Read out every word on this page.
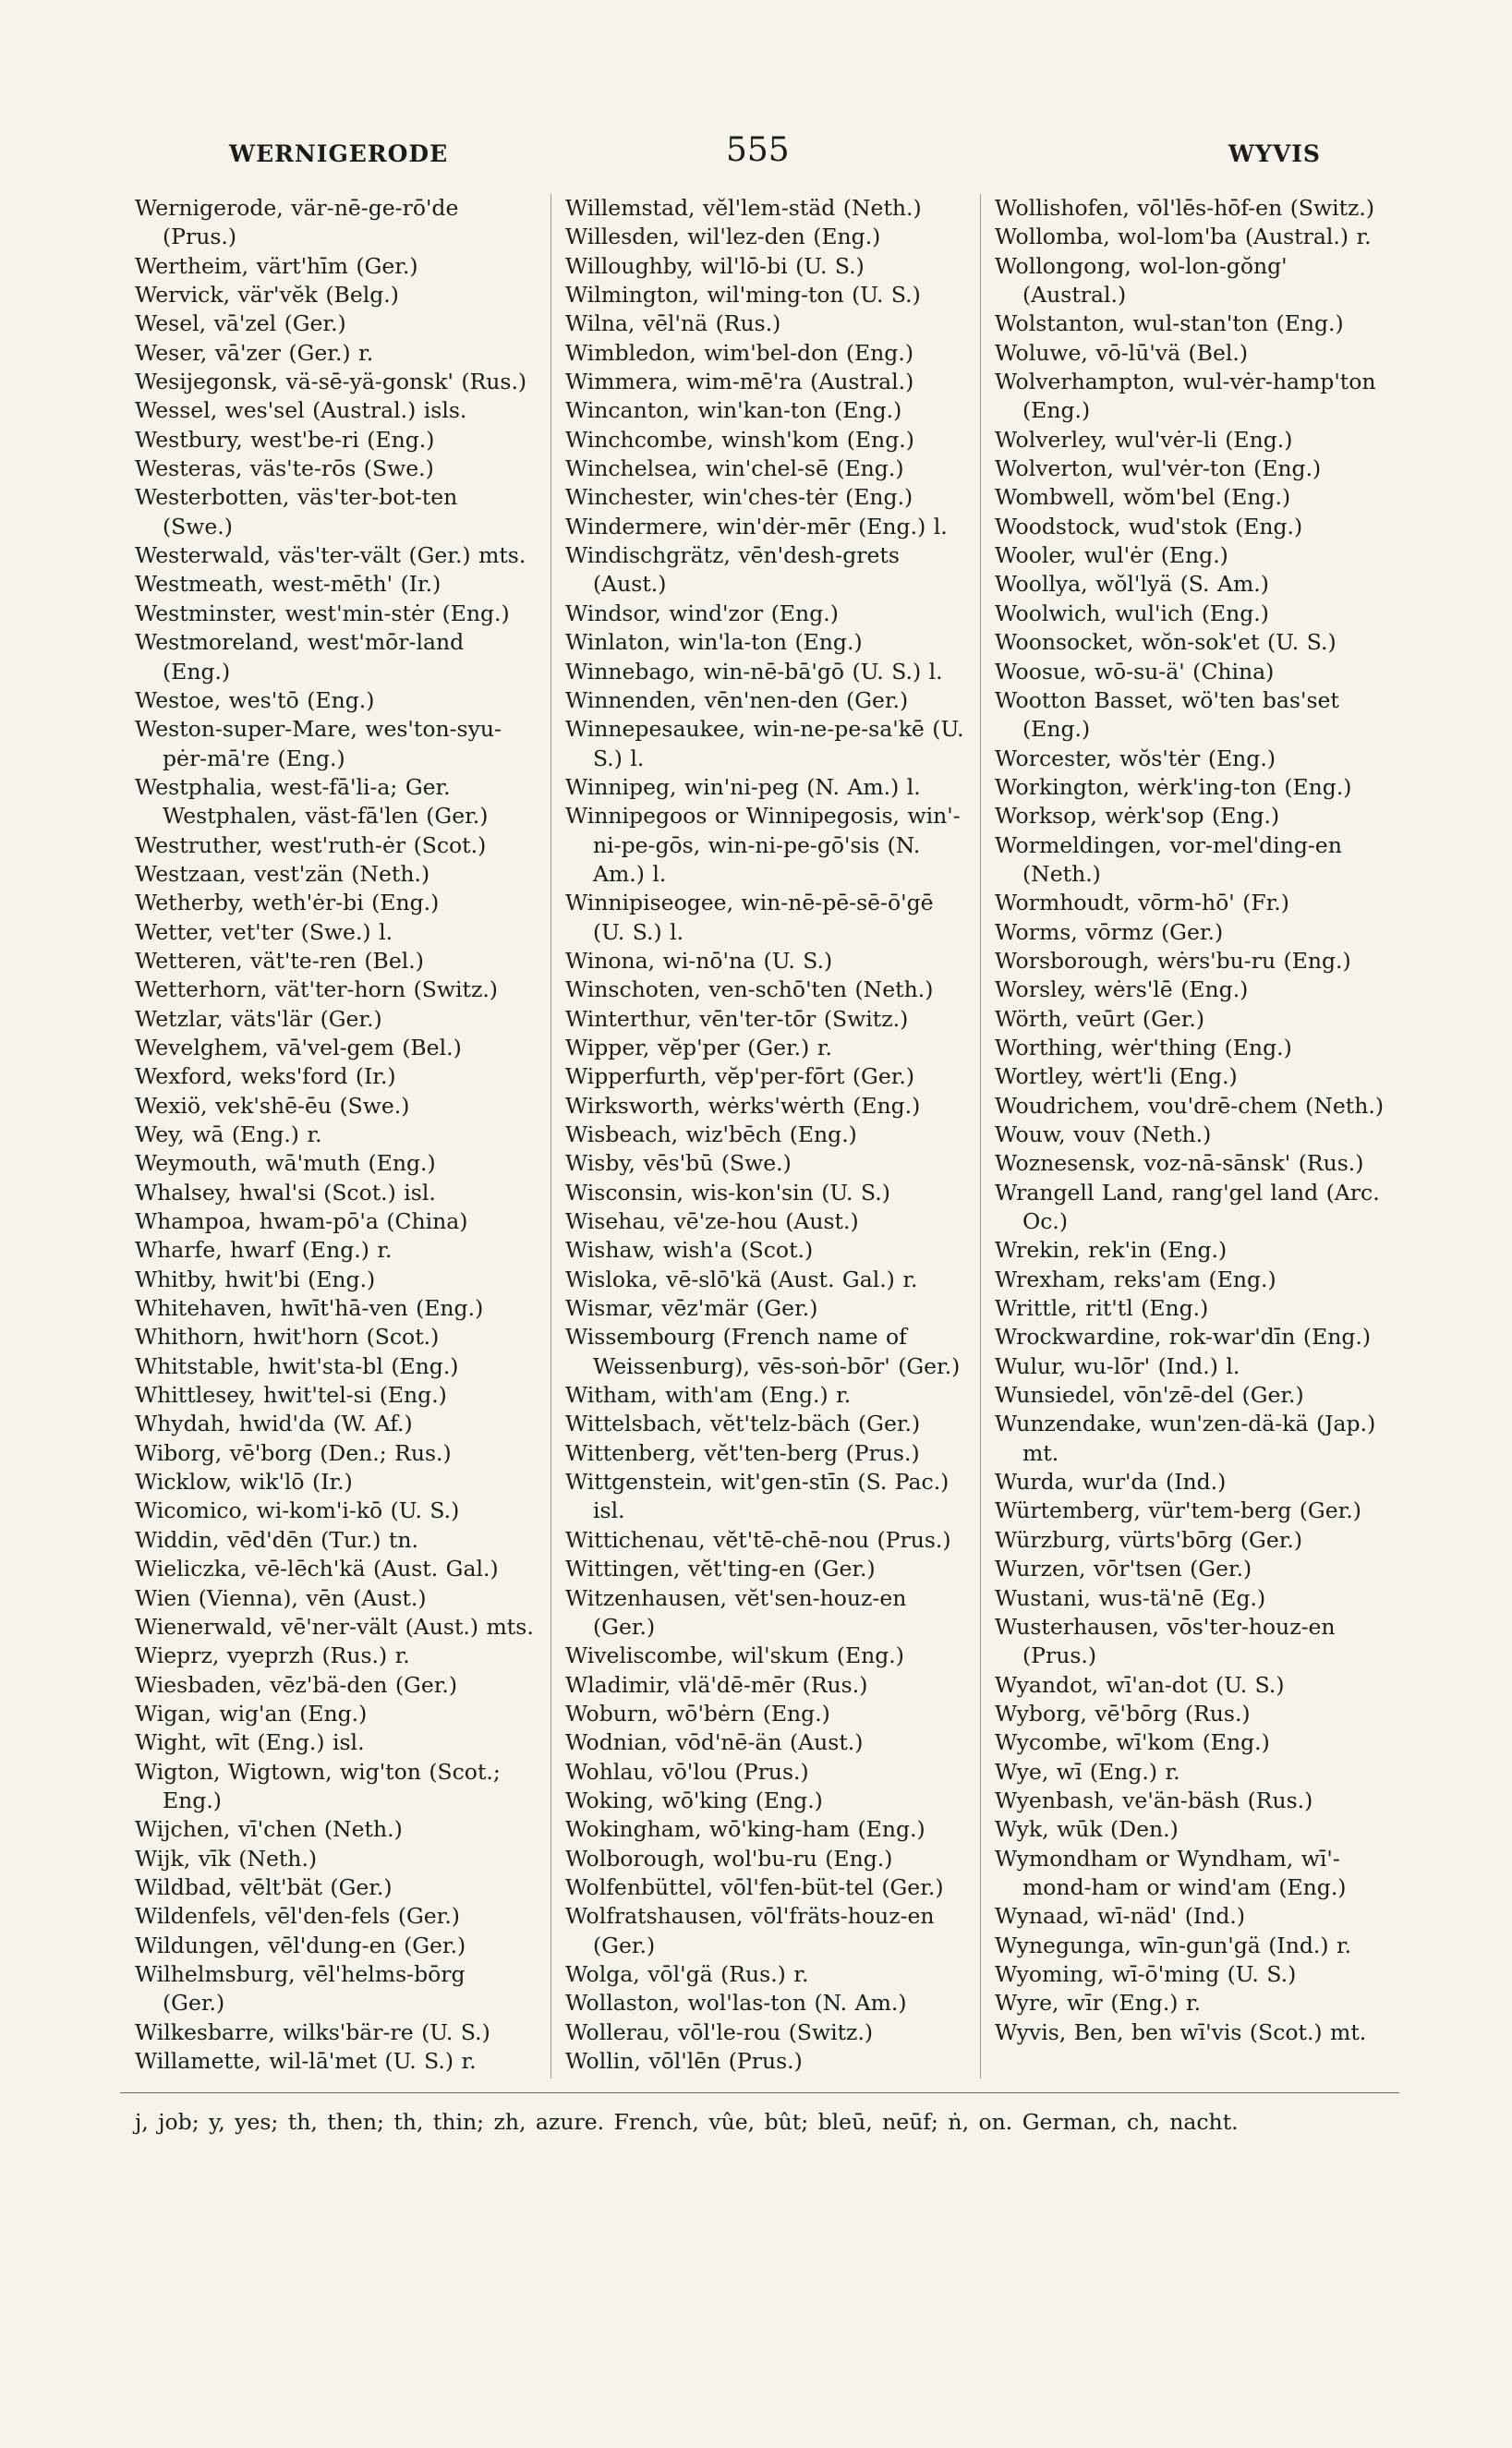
WERNIGERODE	555	WYVIS

Wernigerode, vär-nē-ge-rō'de (Prus.)

Wertheim, värt'hīm (Ger.)

Wervick, vär'vĕk (Belg.)

Wesel, vā'zel (Ger.)

Weser, vā'zer (Ger.) r.

Wesijegonsk, vä-sē-yä-gonsk' (Rus.)

Wessel, wes'sel (Austral.) isls.

Westbury, west'be-ri (Eng.)

Westeras, väs'te-rōs (Swe.)

Westerbotten, väs'ter-bot-ten (Swe.)

Westerwald, väs'ter-vält (Ger.) mts.

Westmeath, west-mēth' (Ir.)

Westminster, west'min-stėr (Eng.)

Westmoreland, west'mōr-land (Eng.)

Westoe, wes'tō (Eng.)

Weston-super-Mare, wes'ton-syu-pėr-mā're (Eng.)

Westphalia, west-fā'li-a; Ger. Westphalen, väst-fā'len (Ger.)

Westruther, west'ruth-ėr (Scot.)

Westzaan, vest'zän (Neth.)

Wetherby, weth'ėr-bi (Eng.)

Wetter, vet'ter (Swe.) l.

Wetteren, vät'te-ren (Bel.)

Wetterhorn, vät'ter-horn (Switz.)

Wetzlar, väts'lär (Ger.)

Wevelghem, vā'vel-gem (Bel.)

Wexford, weks'ford (Ir.)

Wexiö, vek'shē-ēu (Swe.)

Wey, wā (Eng.) r.

Weymouth, wā'muth (Eng.)

Whalsey, hwal'si (Scot.) isl.

Whampoa, hwam-pō'a (China)

Wharfe, hwarf (Eng.) r.

Whitby, hwit'bi (Eng.)

Whitehaven, hwīt'hā-ven (Eng.)

Whithorn, hwit'horn (Scot.)

Whitstable, hwit'sta-bl (Eng.)

Whittlesey, hwit'tel-si (Eng.)

Whydah, hwid'da (W. Af.)

Wiborg, vē'borg (Den.; Rus.)

Wicklow, wik'lō (Ir.)

Wicomico, wi-kom'i-kō (U. S.)

Widdin, vēd'dēn (Tur.) tn.

Wieliczka, vē-lēch'kä (Aust. Gal.)

Wien (Vienna), vēn (Aust.)

Wienerwald, vē'ner-vält (Aust.) mts.

Wieprz, vyeprzh (Rus.) r.

Wiesbaden, vēz'bä-den (Ger.)

Wigan, wig'an (Eng.)

Wight, wīt (Eng.) isl.

Wigton, Wigtown, wig'ton (Scot.; Eng.)

Wijchen, vī'chen (Neth.)

Wijk, vīk (Neth.)

Wildbad, vēlt'bät (Ger.)

Wildenfels, vēl'den-fels (Ger.)

Wildungen, vēl'dung-en (Ger.)

Wilhelmsburg, vēl'helms-bōrg (Ger.)

Wilkesbarre, wilks'bär-re (U. S.)

Willamette, wil-lā'met (U. S.) r.

Willemstad, vĕl'lem-städ (Neth.)

Willesden, wil'lez-den (Eng.)

Willoughby, wil'lō-bi (U. S.)

Wilmington, wil'ming-ton (U. S.)

Wilna, vēl'nä (Rus.)

Wimbledon, wim'bel-don (Eng.)

Wimmera, wim-mē'ra (Austral.)

Wincanton, win'kan-ton (Eng.)

Winchcombe, winsh'kom (Eng.)

Winchelsea, win'chel-sē (Eng.)

Winchester, win'ches-tėr (Eng.)

Windermere, win'dėr-mēr (Eng.) l.

Windischgrätz, vēn'desh-grets (Aust.)

Windsor, wind'zor (Eng.)

Winlaton, win'la-ton (Eng.)

Winnebago, win-nē-bā'gō (U. S.) l.

Winnenden, vēn'nen-den (Ger.)

Winnepesaukee, win-ne-pe-sa'kē (U. S.) l.

Winnipeg, win'ni-peg (N. Am.) l.

Winnipegoos or Winnipegosis, win'-ni-pe-gōs, win-ni-pe-gō'sis (N. Am.) l.

Winnipiseogee, win-nē-pē-sē-ō'gē (U. S.) l.

Winona, wi-nō'na (U. S.)

Winschoten, ven-schō'ten (Neth.)

Winterthur, vēn'ter-tōr (Switz.)

Wipper, vĕp'per (Ger.) r.

Wipperfurth, vĕp'per-fōrt (Ger.)

Wirksworth, wėrks'wėrth (Eng.)

Wisbeach, wiz'bēch (Eng.)

Wisby, vēs'bū (Swe.)

Wisconsin, wis-kon'sin (U. S.)

Wisehau, vē'ze-hou (Aust.)

Wishaw, wish'a (Scot.)

Wisloka, vē-slō'kä (Aust. Gal.) r.

Wismar, vēz'mär (Ger.)

Wissembourg (French name of Weissenburg), vēs-soṅ-bōr' (Ger.)

Witham, with'am (Eng.) r.

Wittelsbach, vĕt'telz-bäch (Ger.)

Wittenberg, vĕt'ten-berg (Prus.)

Wittgenstein, wit'gen-stīn (S. Pac.) isl.

Wittichenau, vĕt'tē-chē-nou (Prus.)

Wittingen, vĕt'ting-en (Ger.)

Witzenhausen, vĕt'sen-houz-en (Ger.)

Wiveliscombe, wil'skum (Eng.)

Wladimir, vlä'dē-mēr (Rus.)

Woburn, wō'bėrn (Eng.)

Wodnian, vōd'nē-än (Aust.)

Wohlau, vō'lou (Prus.)

Woking, wō'king (Eng.)

Wokingham, wō'king-ham (Eng.)

Wolborough, wol'bu-ru (Eng.)

Wolfenbüttel, vōl'fen-büt-tel (Ger.)

Wolfratshausen, vōl'fräts-houz-en (Ger.)

Wolga, vōl'gä (Rus.) r.

Wollaston, wol'las-ton (N. Am.)

Wollerau, vōl'le-rou (Switz.)

Wollin, vōl'lēn (Prus.)

Wollishofen, vōl'lēs-hōf-en (Switz.)

Wollomba, wol-lom'ba (Austral.) r.

Wollongong, wol-lon-gŏng' (Austral.)

Wolstanton, wul-stan'ton (Eng.)

Woluwe, vō-lū'vä (Bel.)

Wolverhampton, wul-vėr-hamp'ton (Eng.)

Wolverley, wul'vėr-li (Eng.)

Wolverton, wul'vėr-ton (Eng.)

Wombwell, wŏm'bel (Eng.)

Woodstock, wud'stok (Eng.)

Wooler, wul'ėr (Eng.)

Woollya, wŏl'lyä (S. Am.)

Woolwich, wul'ich (Eng.)

Woonsocket, wŏn-sok'et (U. S.)

Woosue, wō-su-ä' (China)

Wootton Basset, wö'ten bas'set (Eng.)

Worcester, wŏs'tėr (Eng.)

Workington, wėrk'ing-ton (Eng.)

Worksop, wėrk'sop (Eng.)

Wormeldingen, vor-mel'ding-en (Neth.)

Wormhoudt, vōrm-hō' (Fr.)

Worms, vōrmz (Ger.)

Worsborough, wėrs'bu-ru (Eng.)

Worsley, wėrs'lē (Eng.)

Wörth, veūrt (Ger.)

Worthing, wėr'thing (Eng.)

Wortley, wėrt'li (Eng.)

Woudrichem, vou'drē-chem (Neth.)

Wouw, vouv (Neth.)

Woznesensk, voz-nā-sānsk' (Rus.)

Wrangell Land, rang'gel land (Arc. Oc.)

Wrekin, rek'in (Eng.)

Wrexham, reks'am (Eng.)

Writtle, rit'tl (Eng.)

Wrockwardine, rok-war'dīn (Eng.)

Wulur, wu-lōr' (Ind.) l.

Wunsiedel, vōn'zē-del (Ger.)

Wunzendake, wun'zen-dä-kä (Jap.) mt.

Wurda, wur'da (Ind.)

Würtemberg, vür'tem-berg (Ger.)

Würzburg, vürts'bōrg (Ger.)

Wurzen, vōr'tsen (Ger.)

Wustani, wus-tä'nē (Eg.)

Wusterhausen, vōs'ter-houz-en (Prus.)

Wyandot, wī'an-dot (U. S.)

Wyborg, vē'bōrg (Rus.)

Wycombe, wī'kom (Eng.)

Wye, wī (Eng.) r.

Wyenbash, ve'än-bäsh (Rus.)

Wyk, wūk (Den.)

Wymondham or Wyndham, wī'-mond-ham or wind'am (Eng.)

Wynaad, wī-näd' (Ind.)

Wynegunga, wīn-gun'gä (Ind.) r.

Wyoming, wī-ō'ming (U. S.)

Wyre, wīr (Eng.) r.

Wyvis, Ben, ben wī'vis (Scot.) mt.

j, job; y, yes; th, then; th, thin; zh, azure. French, vûe, bût; bleū, neūf; ṅ, on. German, ch, nacht.
